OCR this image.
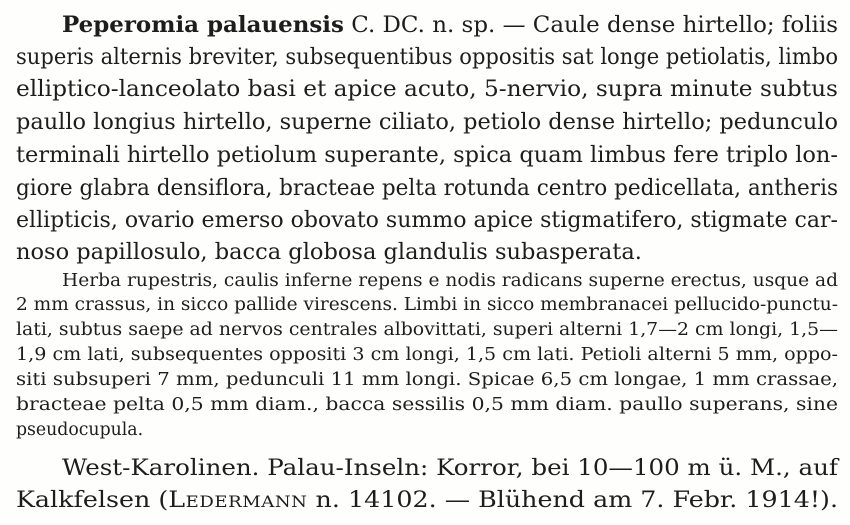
Peperomia palauensis C. DC. n. sp. — Caule dense hirtello; foliis

superis alternis breviter, subsequentibus oppositis sat longe petiolatis, limbo

elliptico-lanceolato basi et apice acuto, 5-nervio, supra minute subtus

paullo longius hirtello, superne ciliato, petiolo dense hirtello; pedunculo

terminali hirtello petiolum superante, spica quam limbus fere triplo lon-

giore glabra densiflora, bracteae pelta rotunda centro pedicellata, antheris

ellipticis, ovario emerso obovato summo apice stigmatifero, stigmate car-

noso papillosulo, bacca globosa glandulis subasperata.

Herba rupestris, caulis inferne repens e nodis radicans superne erectus, usque ad

2 mm crassus, in sicco pallide virescens. Limbi in sicco membranacei pellucido-punctu-

lati, subtus saepe ad nervos centrales albovittati, superi alterni 1,7—2 cm longi, 1,5—

1,9 cm lati, subsequentes oppositi 3 cm longi, 1,5 cm lati. Petioli alterni 5 mm, oppo-

siti subsuperi 7 mm, pedunculi 11 mm longi. Spicae 6,5 cm longae, 1 mm crassae,

bracteae pelta 0,5 mm diam., bacca sessilis 0,5 mm diam. paullo superans, sine

pseudocupula.

West-Karolinen. Palau-Inseln: Korror, bei 10—100 m ü. M., auf

Kalkfelsen (Ledermann n. 14102. — Blühend am 7. Febr. 1914!).
